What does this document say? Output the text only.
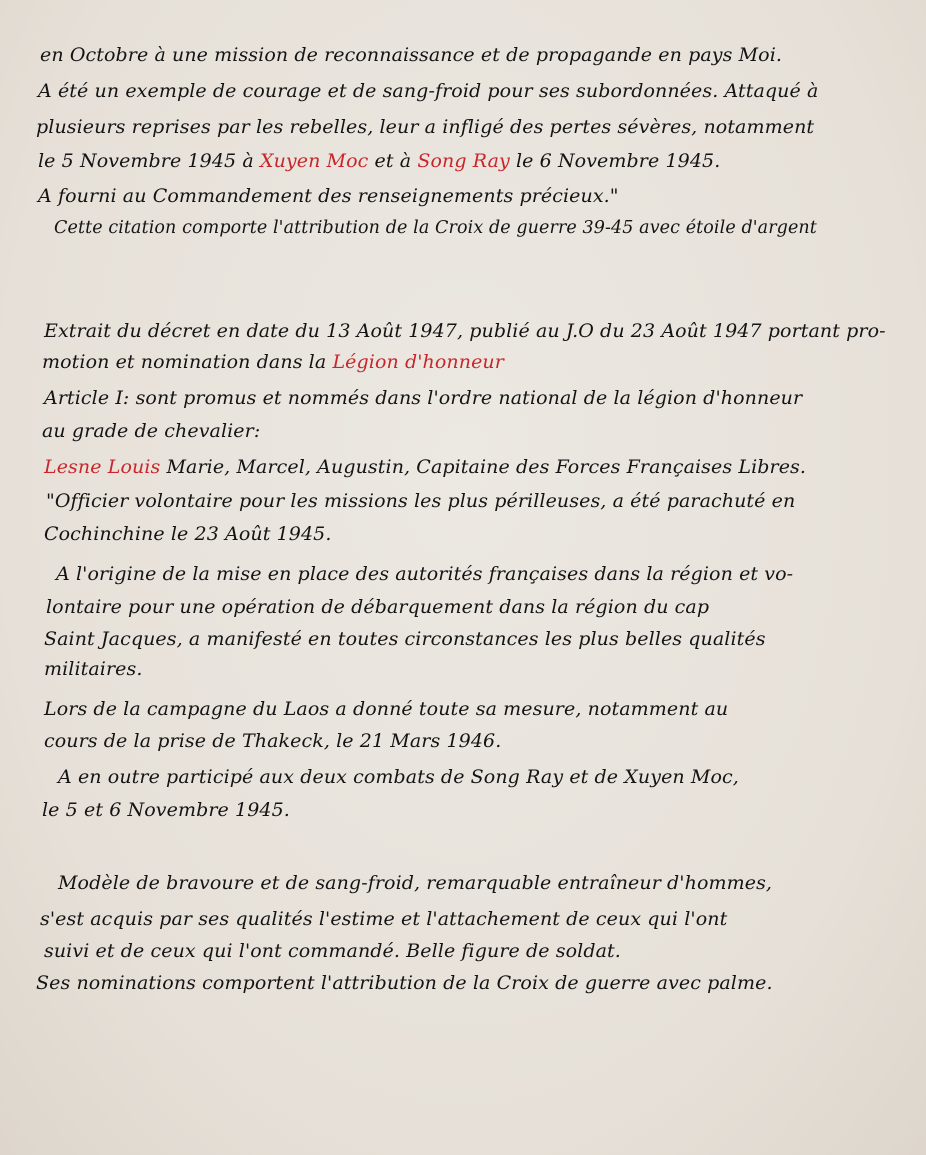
en Octobre à une mission de reconnaissance et de propagande en pays Moi.
A été un exemple de courage et de sang-froid pour ses subordonnées. Attaqué à
plusieurs reprises par les rebelles, leur a infligé des pertes sévères, notamment
le 5 Novembre 1945 à Xuyen Moc et à Song Ray le 6 Novembre 1945.
A fourni au Commandement des renseignements précieux."
Cette citation comporte l'attribution de la Croix de guerre 39-45 avec étoile d'argent
Extrait du décret en date du 13 Août 1947, publié au J.O du 23 Août 1947 portant pro-
motion et nomination dans la Légion d'honneur
Article I: sont promus et nommés dans l'ordre national de la légion d'honneur
au grade de chevalier:
Lesne Louis Marie, Marcel, Augustin, Capitaine des Forces Françaises Libres.
"Officier volontaire pour les missions les plus périlleuses, a été parachuté en
Cochinchine le 23 Août 1945.
A l'origine de la mise en place des autorités françaises dans la région et vo-
lontaire pour une opération de débarquement dans la région du cap
Saint Jacques, a manifesté en toutes circonstances les plus belles qualités
militaires.
Lors de la campagne du Laos a donné toute sa mesure, notamment au
cours de la prise de Thakeck, le 21 Mars 1946.
A en outre participé aux deux combats de Song Ray et de Xuyen Moc,
le 5 et 6 Novembre 1945.
Modèle de bravoure et de sang-froid, remarquable entraîneur d'hommes,
s'est acquis par ses qualités l'estime et l'attachement de ceux qui l'ont
suivi et de ceux qui l'ont commandé. Belle figure de soldat.
Ses nominations comportent l'attribution de la Croix de guerre avec palme.
